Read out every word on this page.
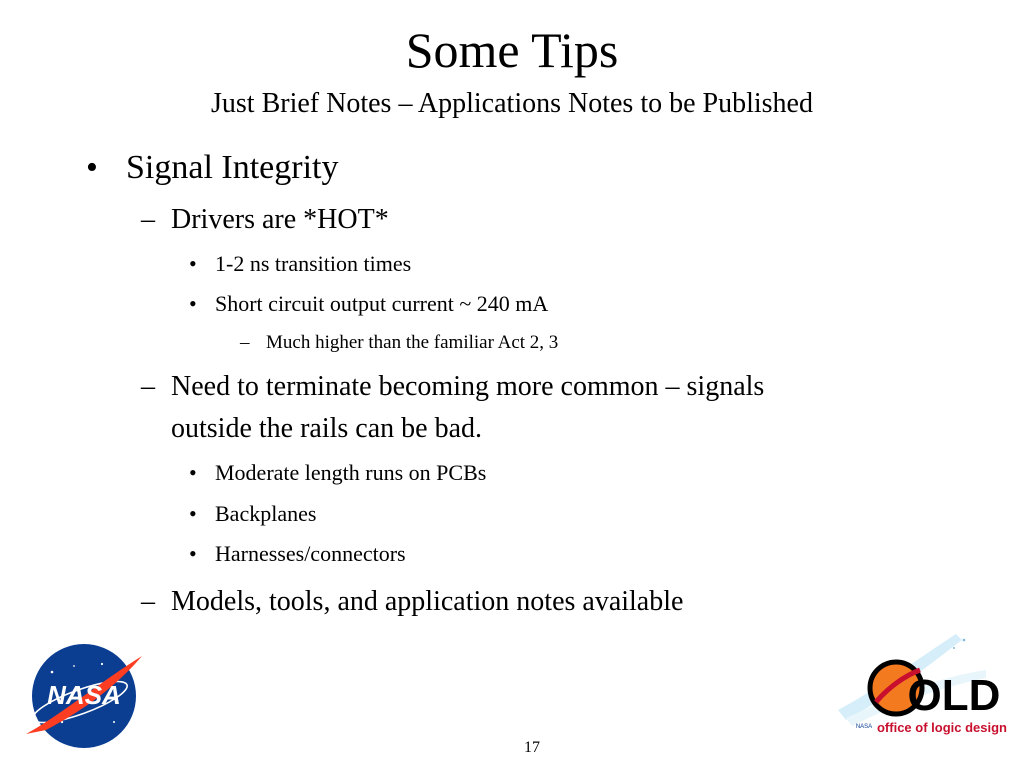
Some Tips
Just Brief Notes – Applications Notes to be Published
• Signal Integrity
– Drivers are *HOT*
• 1-2 ns transition times
• Short circuit output current ~ 240 mA
– Much higher than the familiar Act 2, 3
– Need to terminate becoming more common – signals
outside the rails can be bad.
• Moderate length runs on PCBs
• Backplanes
• Harnesses/connectors
– Models, tools, and application notes available
NASA	OLD
office of logic design
NASA
17
